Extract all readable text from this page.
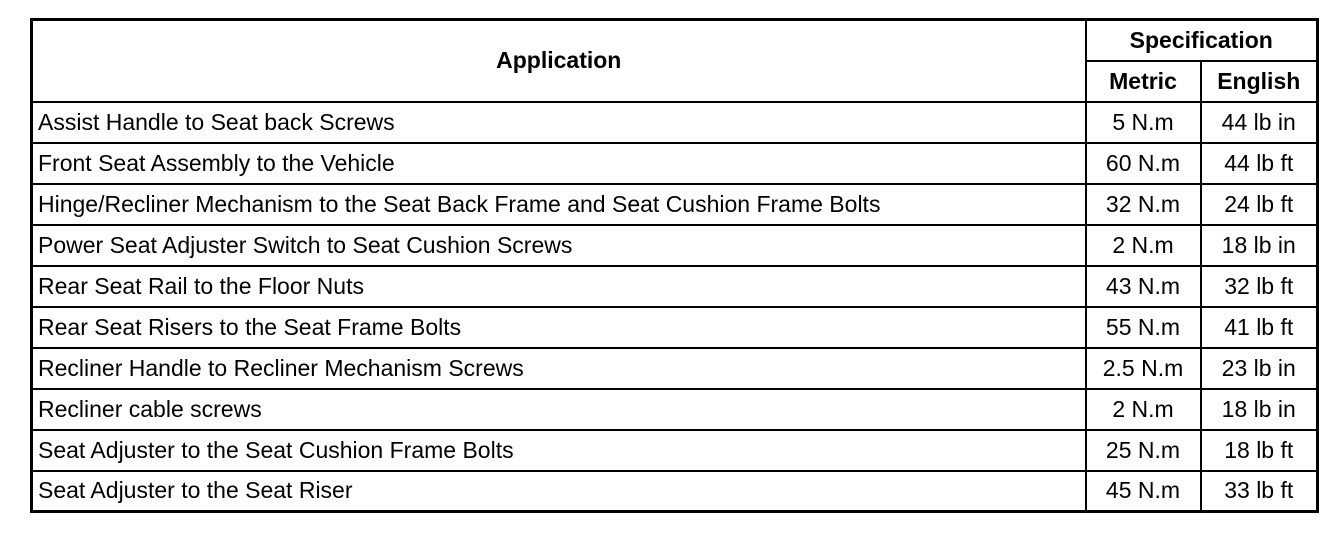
Application	Specification	
	Metric	English
Assist Handle to Seat back Screws	5 N.m	44 lb in
Front Seat Assembly to the Vehicle	60 N.m	44 lb ft
Hinge/Recliner Mechanism to the Seat Back Frame and Seat Cushion Frame Bolts	32 N.m	24 lb ft
Power Seat Adjuster Switch to Seat Cushion Screws	2 N.m	18 lb in
Rear Seat Rail to the Floor Nuts	43 N.m	32 lb ft
Rear Seat Risers to the Seat Frame Bolts	55 N.m	41 lb ft
Recliner Handle to Recliner Mechanism Screws	2.5 N.m	23 lb in
Recliner cable screws	2 N.m	18 lb in
Seat Adjuster to the Seat Cushion Frame Bolts	25 N.m	18 lb ft
Seat Adjuster to the Seat Riser	45 N.m	33 lb ft
